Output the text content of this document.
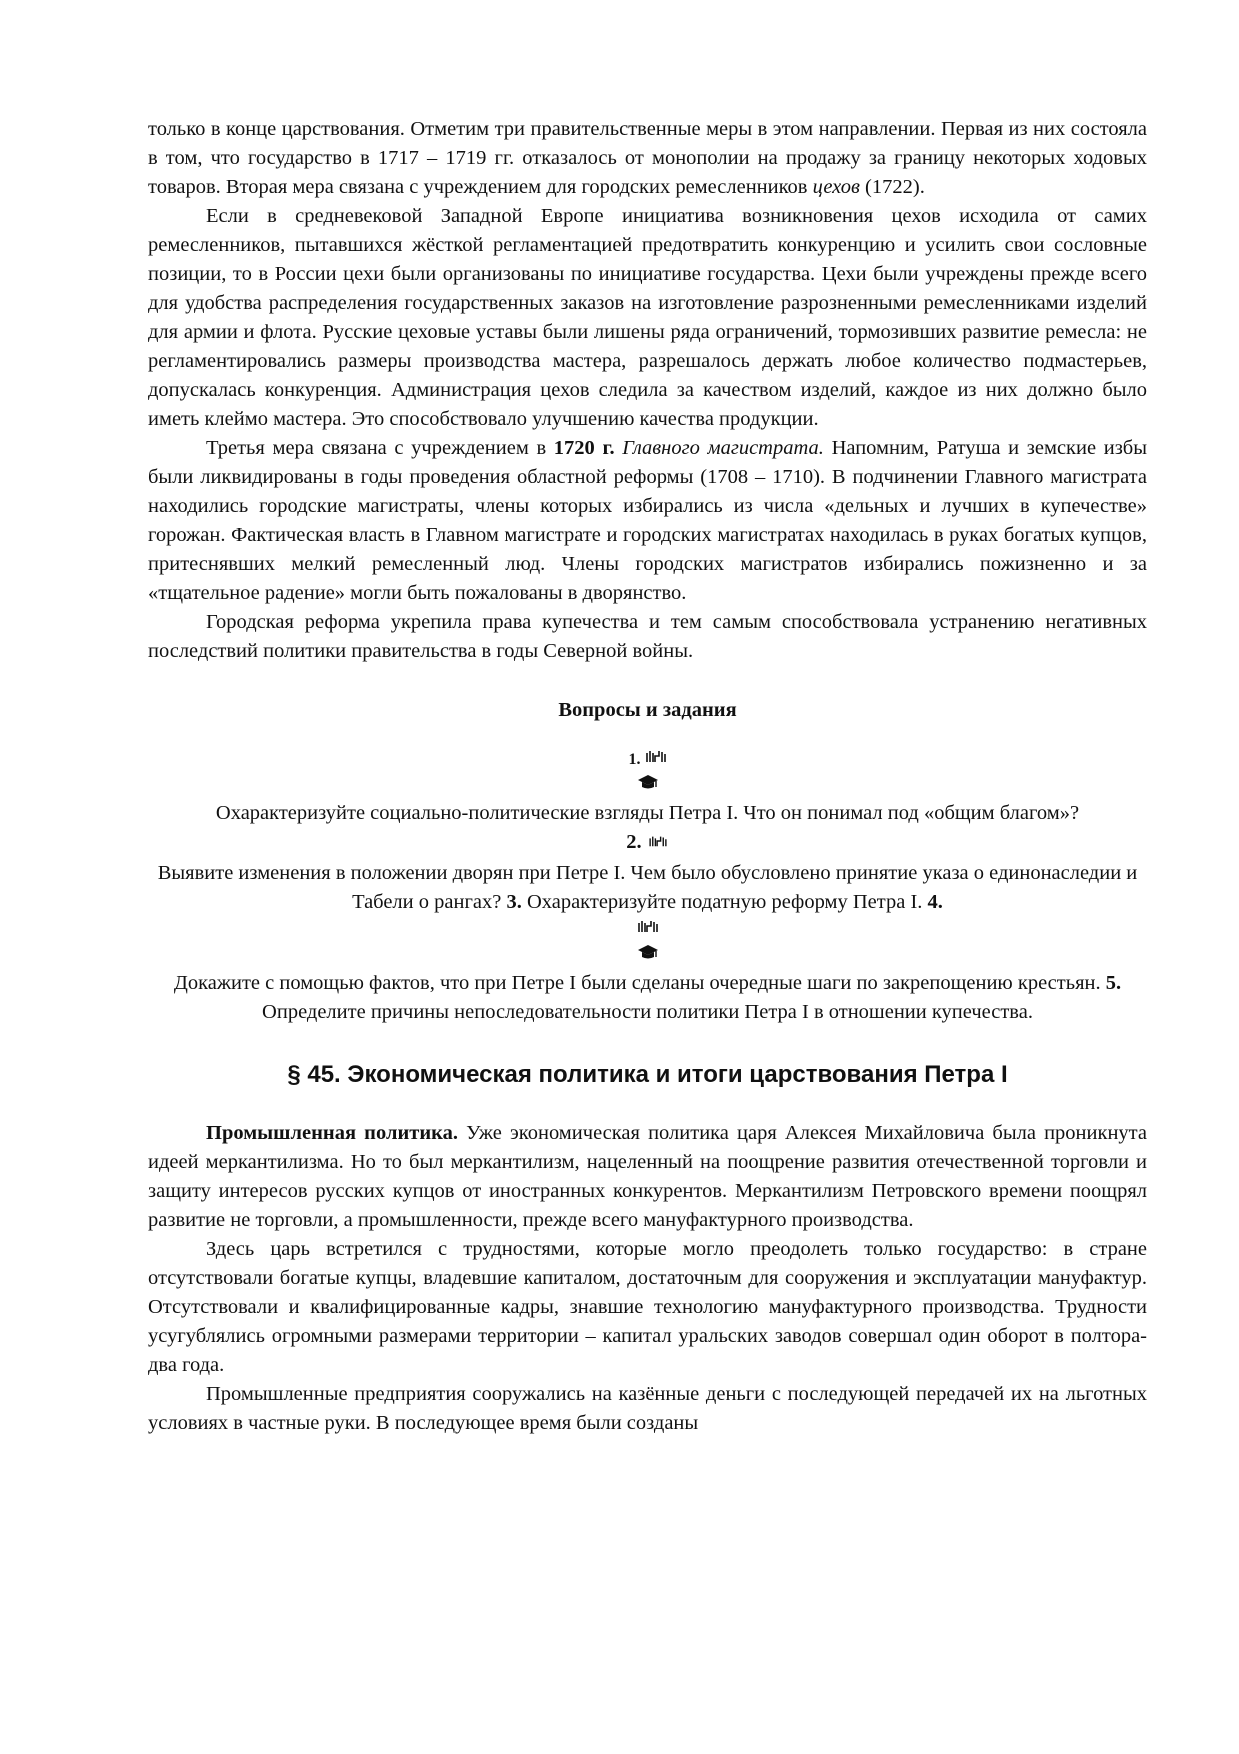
только в конце царствования. Отметим три правительственные меры в этом направлении. Первая из них состояла в том, что государство в 1717 – 1719 гг. отказалось от монополии на продажу за границу некоторых ходовых товаров. Вторая мера связана с учреждением для городских ремесленников цехов (1722).

Если в средневековой Западной Европе инициатива возникновения цехов исходила от самих ремесленников, пытавшихся жёсткой регламентацией предотвратить конкуренцию и усилить свои сословные позиции, то в России цехи были организованы по инициативе государства. Цехи были учреждены прежде всего для удобства распределения государственных заказов на изготовление разрозненными ремесленниками изделий для армии и флота. Русские цеховые уставы были лишены ряда ограничений, тормозивших развитие ремесла: не регламентировались размеры производства мастера, разрешалось держать любое количество подмастерьев, допускалась конкуренция. Администрация цехов следила за качеством изделий, каждое из них должно было иметь клеймо мастера. Это способствовало улучшению качества продукции.

Третья мера связана с учреждением в 1720 г. Главного магистрата. Напомним, Ратуша и земские избы были ликвидированы в годы проведения областной реформы (1708 – 1710). В подчинении Главного магистрата находились городские магистраты, члены которых избирались из числа «дельных и лучших в купечестве» горожан. Фактическая власть в Главном магистрате и городских магистратах находилась в руках богатых купцов, притеснявших мелкий ремесленный люд. Члены городских магистратов избирались пожизненно и за «тщательное радение» могли быть пожалованы в дворянство.

Городская реформа укрепила права купечества и тем самым способствовала устранению негативных последствий политики правительства в годы Северной войны.

Вопросы и задания
1.

Охарактеризуйте социально-политические взгляды Петра I. Что он понимал под «общим благом»? 2.

Выявите изменения в положении дворян при Петре I. Чем было обусловлено принятие указа о единонаследии и Табели о рангах? 3. Охарактеризуйте податную реформу Петра I. 4.

Докажите с помощью фактов, что при Петре I были сделаны очередные шаги по закрепощению крестьян. 5. Определите причины непоследовательности политики Петра I в отношении купечества.

§ 45. Экономическая политика и итоги царствования Петра I

Промышленная политика. Уже экономическая политика царя Алексея Михайловича была проникнута идеей меркантилизма. Но то был меркантилизм, нацеленный на поощрение развития отечественной торговли и защиту интересов русских купцов от иностранных конкурентов. Меркантилизм Петровского времени поощрял развитие не торговли, а промышленности, прежде всего мануфактурного производства.

Здесь царь встретился с трудностями, которые могло преодолеть только государство: в стране отсутствовали богатые купцы, владевшие капиталом, достаточным для сооружения и эксплуатации мануфактур. Отсутствовали и квалифицированные кадры, знавшие технологию мануфактурного производства. Трудности усугублялись огромными размерами территории – капитал уральских заводов совершал один оборот в полтора-два года.

Промышленные предприятия сооружались на казённые деньги с последующей передачей их на льготных условиях в частные руки. В последующее время были созданы
